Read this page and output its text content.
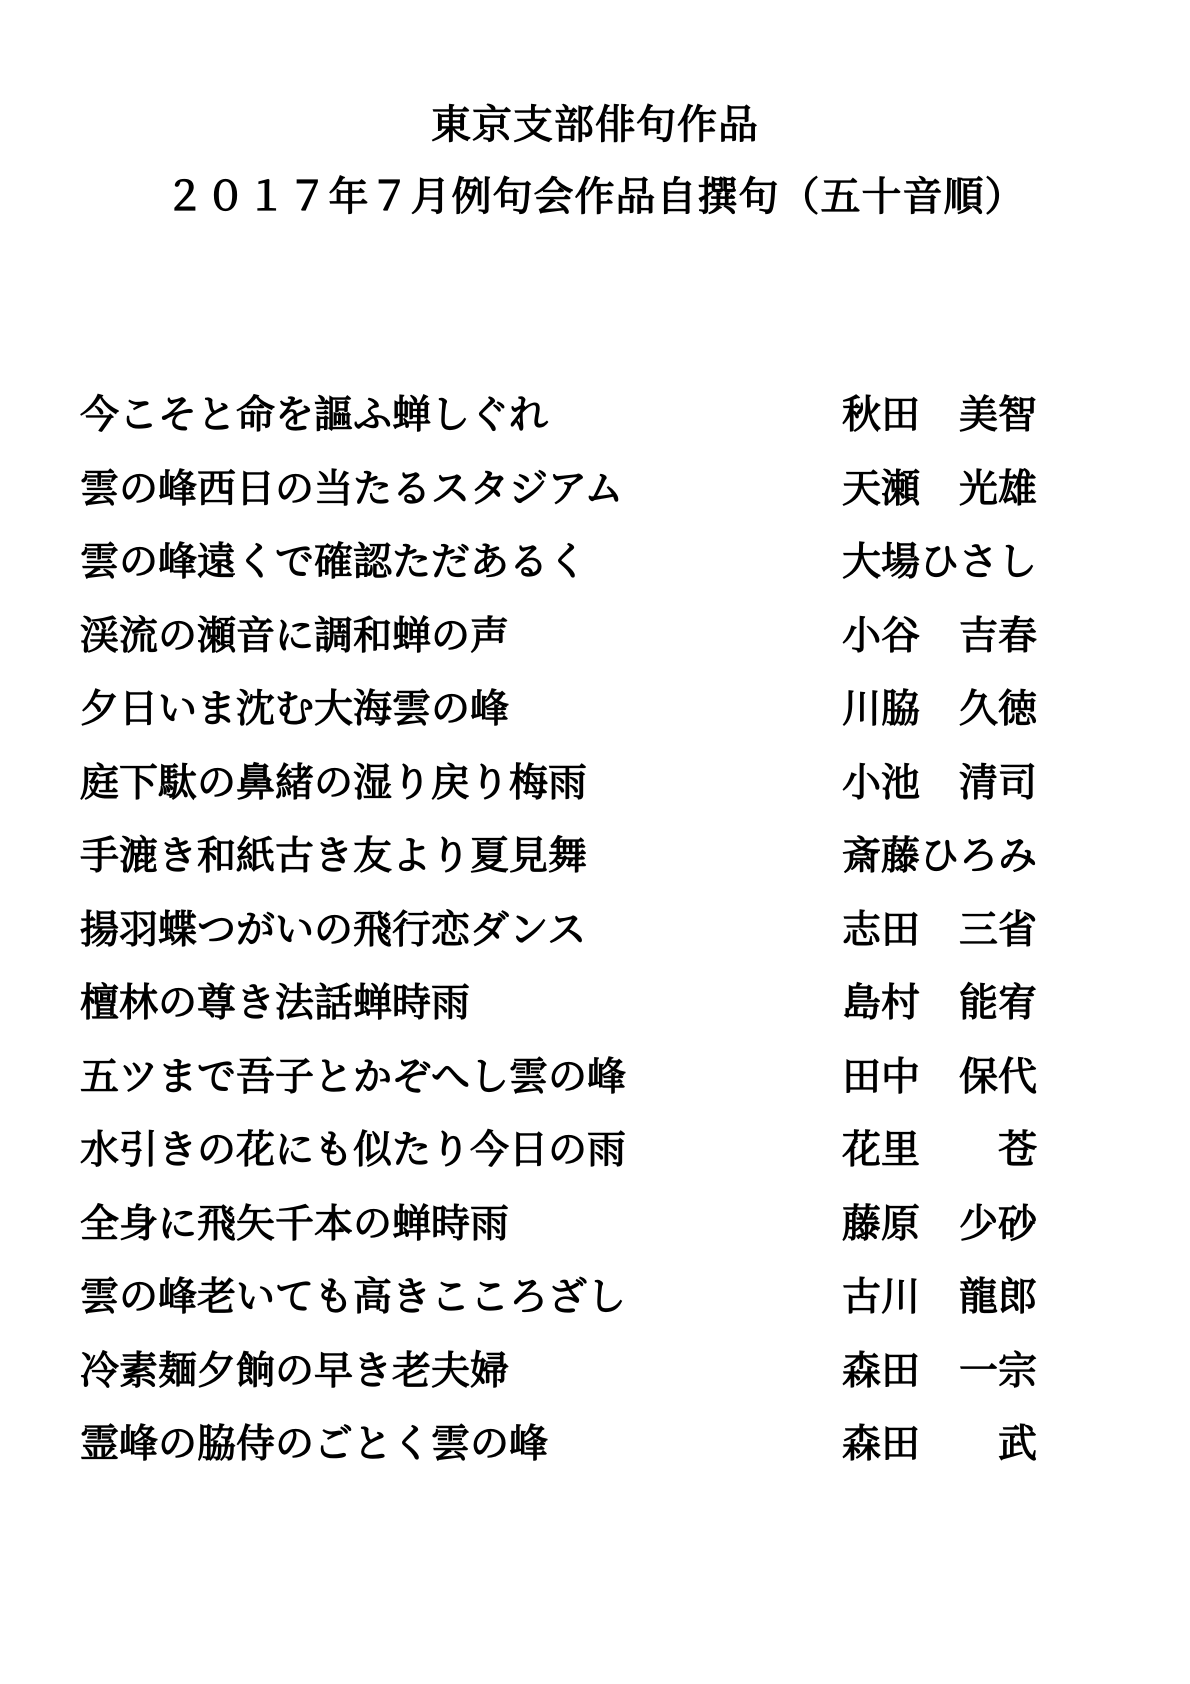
東京支部俳句作品
２０１７年７月例句会作品自撰句（五十音順）
今こそと命を謳ふ蝉しぐれ	秋田　美智
雲の峰西日の当たるスタジアム	天瀬　光雄
雲の峰遠くで確認ただあるく	大場ひさし
渓流の瀬音に調和蝉の声	小谷　吉春
夕日いま沈む大海雲の峰	川脇　久徳
庭下駄の鼻緒の湿り戻り梅雨	小池　清司
手漉き和紙古き友より夏見舞	斎藤ひろみ
揚羽蝶つがいの飛行恋ダンス	志田　三省
檀林の尊き法話蝉時雨	島村　能宥
五ツまで吾子とかぞへし雲の峰	田中　保代
水引きの花にも似たり今日の雨	花里　　苍
全身に飛矢千本の蝉時雨	藤原　少砂
雲の峰老いても高きこころざし	古川　龍郎
冷素麺夕餉の早き老夫婦	森田　一宗
霊峰の脇侍のごとく雲の峰	森田　　武
